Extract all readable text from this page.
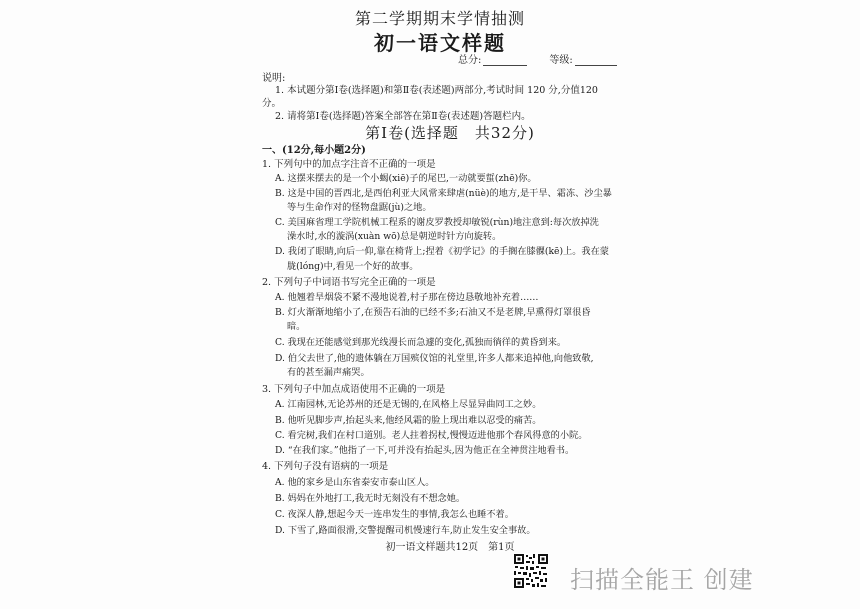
第二学期期末学情抽测
初一语文样题
总分:	等级:
说明:
1. 本试题分第Ⅰ卷(选择题)和第Ⅱ卷(表述题)两部分,考试时间 120 分,分值120
分。
2. 请将第Ⅰ卷(选择题)答案全部答在第Ⅱ卷(表述题)答题栏内。
第Ⅰ卷(选择题　共32分)
一、(12分,每小题2分)
1. 下列句中的加点字注音不正确的一项是
A. 这摆来摆去的是一个小蝎(xiē)子的尾巴,一动就要蜇(zhē)你。
B. 这是中国的晋西北,是西伯利亚大风常来肆虐(nüè)的地方,是干旱、霜冻、沙尘暴
等与生命作对的怪物盘踞(jù)之地。
C. 美国麻省理工学院机械工程系的谢皮罗教授却敏锐(rùn)地注意到:每次放掉洗
澡水时,水的漩涡(xuàn wō)总是朝逆时针方向旋转。
D. 我闭了眼睛,向后一仰,靠在椅背上;捏着《初学记》的手搁在膝髁(kē)上。我在蒙
胧(lóng)中,看见一个好的故事。
2. 下列句子中词语书写完全正确的一项是
A. 他翘着旱烟袋不紧不漫地说着,村子那在傍边恳敬地补充着……
B. 灯火渐渐地缩小了,在预告石油的已经不多;石油又不是老牌,早熏得灯罩很昏
暗。
C. 我现在还能感觉到那光线漫长而急遽的变化,孤独而徜徉的黄昏到来。
D. 伯父去世了,他的遗体躺在万国殡仪馆的礼堂里,许多人都来追掉他,向他致敬,
有的甚至漏声痛哭。
3. 下列句子中加点成语使用不正确的一项是
A. 江南园林,无论苏州的还是无锡的,在风格上尽显异曲同工之妙。
B. 他听见脚步声,抬起头来,他经风霜的脸上现出难以忍受的痛苦。
C. 看完树,我们在村口道别。老人拄着拐杖,慢慢迈进他那个春风得意的小院。
D. “在我们家。”他指了一下,可并没有抬起头,因为他正在全神贯注地看书。
4. 下列句子没有语病的一项是
A. 他的家乡是山东省泰安市泰山区人。
B. 妈妈在外地打工,我无时无刻没有不想念她。
C. 夜深人静,想起今天一连串发生的事情,我怎么也睡不着。
D. 下雪了,路面很滑,交警提醒司机慢速行车,防止发生安全事故。
初一语文样题共12页　第1页
扫描全能王 创建
